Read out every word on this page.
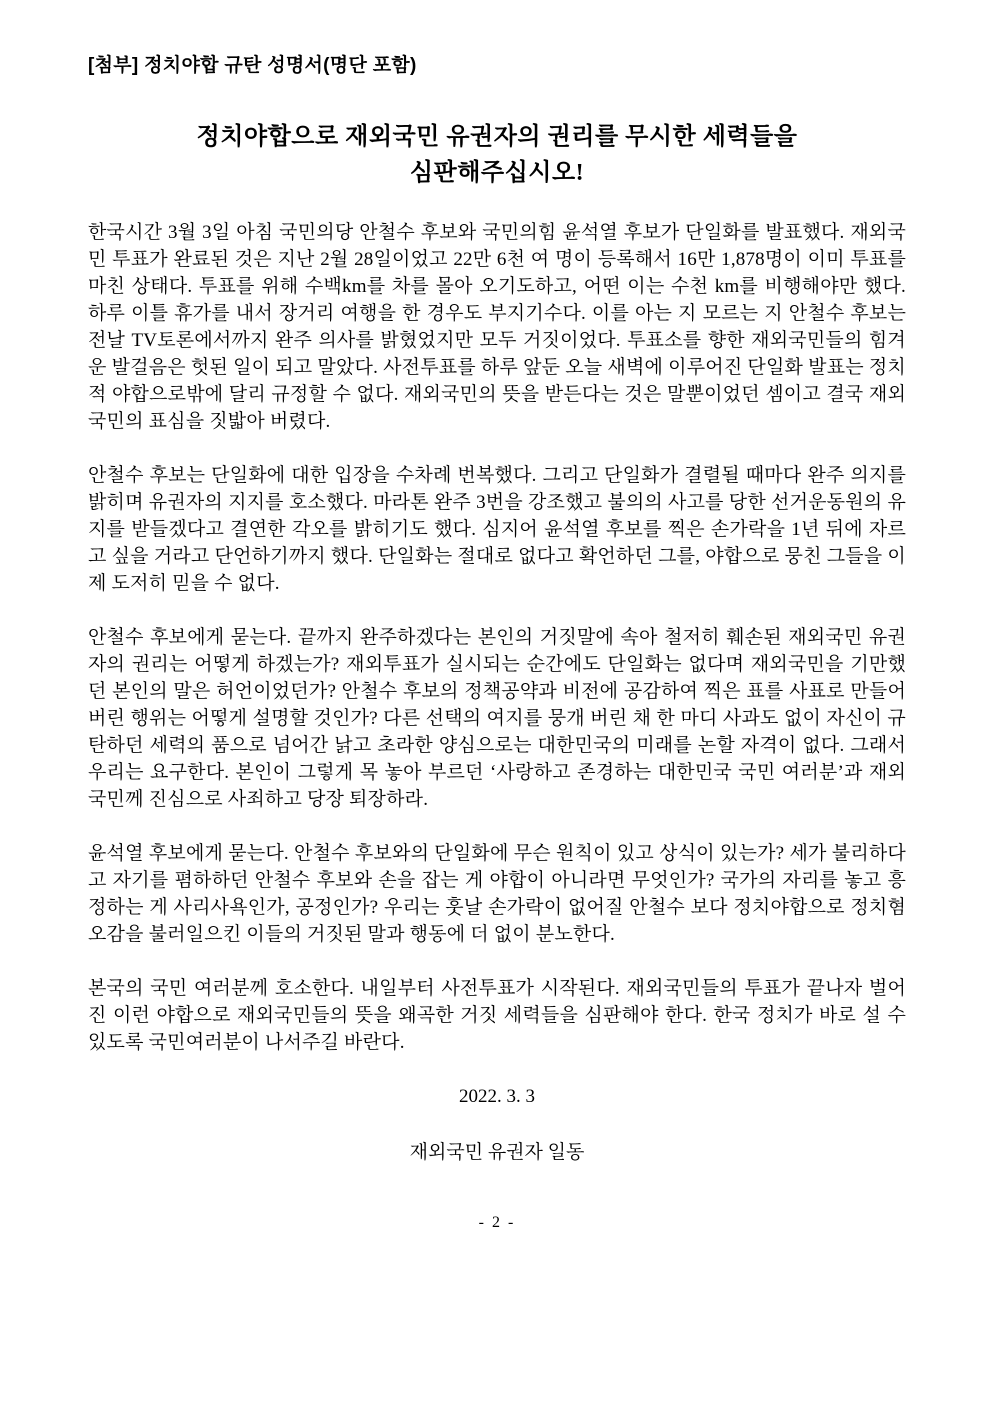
[첨부] 정치야합 규탄 성명서(명단 포함)
정치야합으로 재외국민 유권자의 권리를 무시한 세력들을
심판해주십시오!

한국시간 3월 3일 아침 국민의당 안철수 후보와 국민의힘 윤석열 후보가 단일화를 발표했다. 재외국민 투표가 완료된 것은 지난 2월 28일이었고 22만 6천 여 명이 등록해서 16만 1,878명이 이미 투표를 마친 상태다. 투표를 위해 수백km를 차를 몰아 오기도하고, 어떤 이는 수천 km를 비행해야만 했다. 하루 이틀 휴가를 내서 장거리 여행을 한 경우도 부지기수다. 이를 아는 지 모르는 지 안철수 후보는 전날 TV토론에서까지 완주 의사를 밝혔었지만 모두 거짓이었다. 투표소를 향한 재외국민들의 힘겨운 발걸음은 헛된 일이 되고 말았다. 사전투표를 하루 앞둔 오늘 새벽에 이루어진 단일화 발표는 정치적 야합으로밖에 달리 규정할 수 없다. 재외국민의 뜻을 받든다는 것은 말뿐이었던 셈이고 결국 재외국민의 표심을 짓밟아 버렸다.

안철수 후보는 단일화에 대한 입장을 수차례 번복했다. 그리고 단일화가 결렬될 때마다 완주 의지를 밝히며 유권자의 지지를 호소했다. 마라톤 완주 3번을 강조했고 불의의 사고를 당한 선거운동원의 유지를 받들겠다고 결연한 각오를 밝히기도 했다. 심지어 윤석열 후보를 찍은 손가락을 1년 뒤에 자르고 싶을 거라고 단언하기까지 했다. 단일화는 절대로 없다고 확언하던 그를, 야합으로 뭉친 그들을 이제 도저히 믿을 수 없다.

안철수 후보에게 묻는다. 끝까지 완주하겠다는 본인의 거짓말에 속아 철저히 훼손된 재외국민 유권자의 권리는 어떻게 하겠는가? 재외투표가 실시되는 순간에도 단일화는 없다며 재외국민을 기만했던 본인의 말은 허언이었던가? 안철수 후보의 정책공약과 비전에 공감하여 찍은 표를 사표로 만들어버린 행위는 어떻게 설명할 것인가? 다른 선택의 여지를 뭉개 버린 채 한 마디 사과도 없이 자신이 규탄하던 세력의 품으로 넘어간 낡고 초라한 양심으로는 대한민국의 미래를 논할 자격이 없다. 그래서 우리는 요구한다. 본인이 그렇게 목 놓아 부르던 ‘사랑하고 존경하는 대한민국 국민 여러분’과 재외국민께 진심으로 사죄하고 당장 퇴장하라.

윤석열 후보에게 묻는다. 안철수 후보와의 단일화에 무슨 원칙이 있고 상식이 있는가? 세가 불리하다고 자기를 폄하하던 안철수 후보와 손을 잡는 게 야합이 아니라면 무엇인가? 국가의 자리를 놓고 흥정하는 게 사리사욕인가, 공정인가? 우리는 훗날 손가락이 없어질 안철수 보다 정치야합으로 정치혐오감을 불러일으킨 이들의 거짓된 말과 행동에 더 없이 분노한다.

본국의 국민 여러분께 호소한다. 내일부터 사전투표가 시작된다. 재외국민들의 투표가 끝나자 벌어진 이런 야합으로 재외국민들의 뜻을 왜곡한 거짓 세력들을 심판해야 한다. 한국 정치가 바로 설 수 있도록 국민여러분이 나서주길 바란다.

2022. 3. 3
재외국민 유권자 일동
- 2 -
